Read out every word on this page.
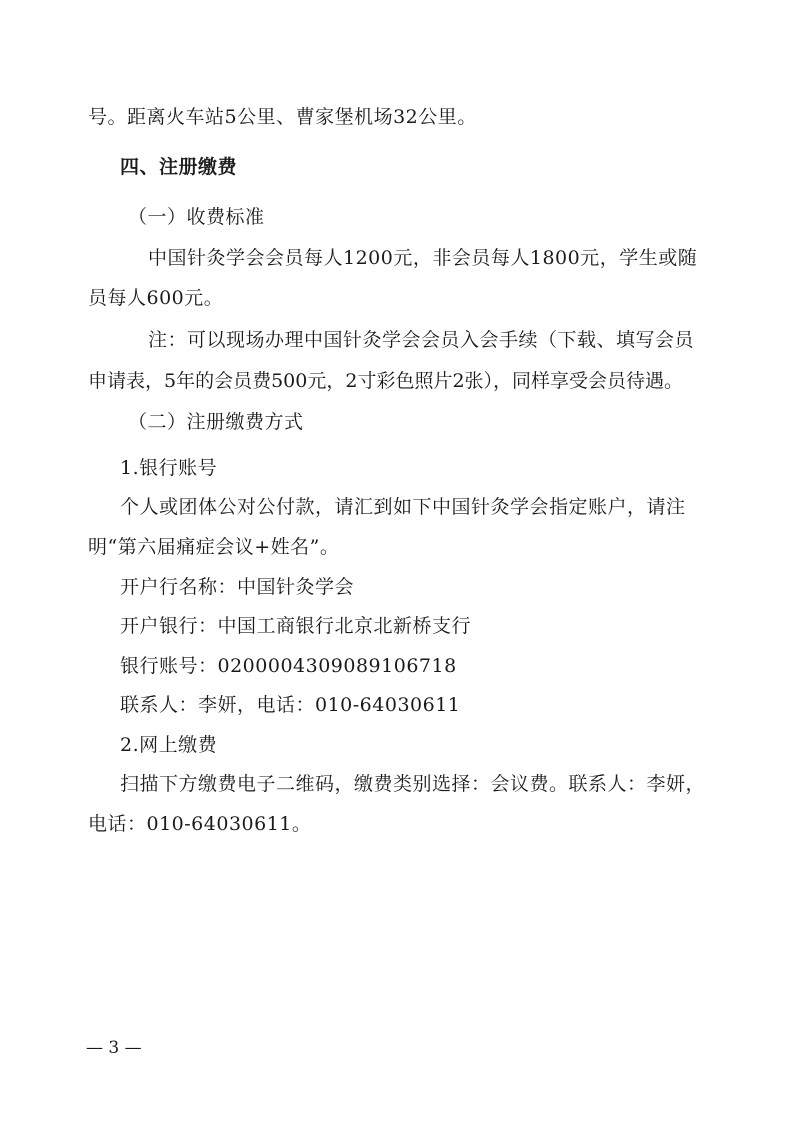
号。距离火车站5公里、曹家堡机场32公里。
四、注册缴费
（一）收费标准
中国针灸学会会员每人1200元，非会员每人1800元，学生或随
员每人600元。
注：可以现场办理中国针灸学会会员入会手续（下载、填写会员
申请表，5年的会员费500元，2寸彩色照片2张），同样享受会员待遇。
（二）注册缴费方式
1.银行账号
个人或团体公对公付款，请汇到如下中国针灸学会指定账户，请注
明“第六届痛症会议+姓名”。
开户行名称：中国针灸学会
开户银行：中国工商银行北京北新桥支行
银行账号：0200004309089106718
联系人：李妍，电话：010-64030611
2.网上缴费
扫描下方缴费电子二维码，缴费类别选择：会议费。联系人：李妍，
电话：010-64030611。
— 3 —
